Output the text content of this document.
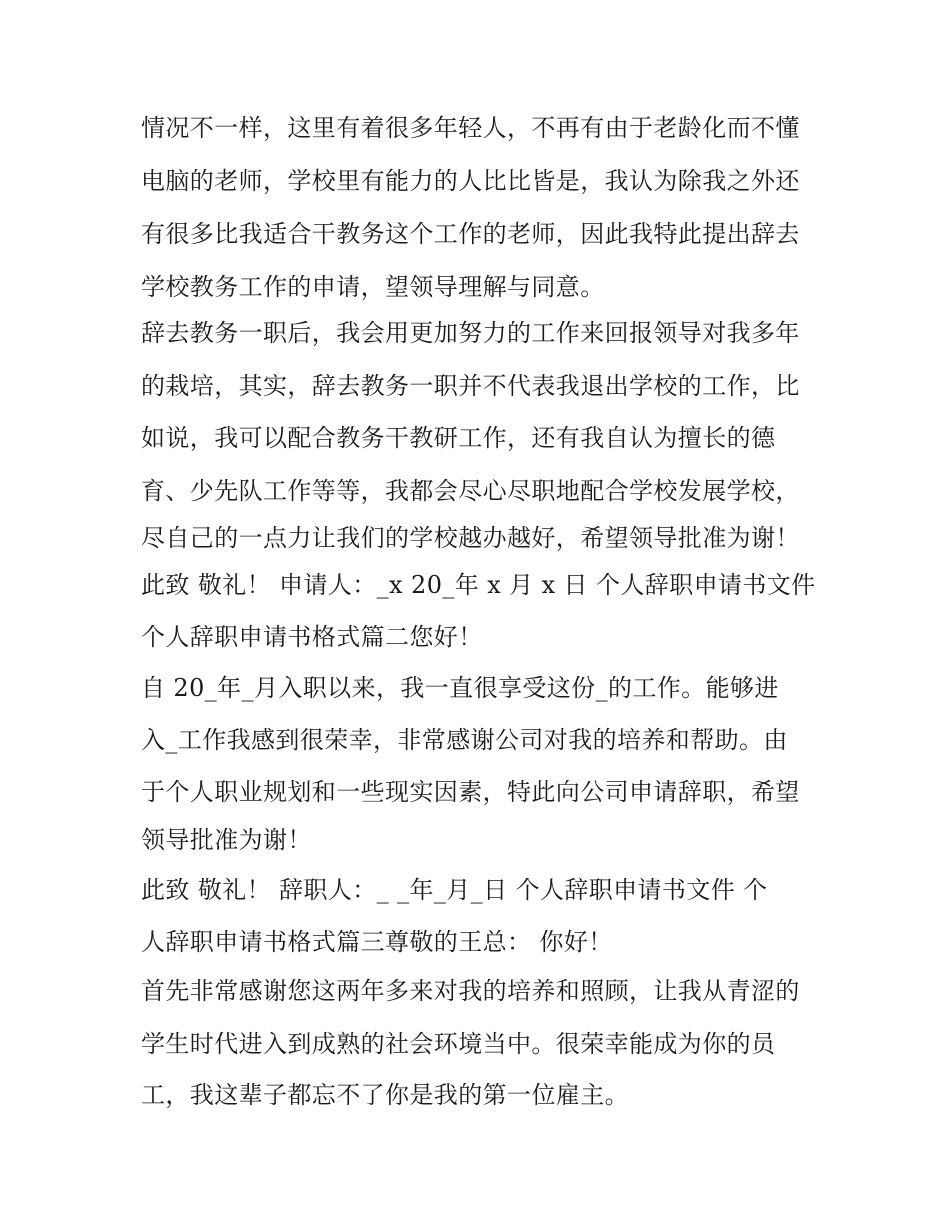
情况不一样，这里有着很多年轻人，不再有由于老龄化而不懂
电脑的老师，学校里有能力的人比比皆是，我认为除我之外还
有很多比我适合干教务这个工作的老师，因此我特此提出辞去
学校教务工作的申请，望领导理解与同意。
辞去教务一职后，我会用更加努力的工作来回报领导对我多年
的栽培，其实，辞去教务一职并不代表我退出学校的工作，比
如说，我可以配合教务干教研工作，还有我自认为擅长的德
育、少先队工作等等，我都会尽心尽职地配合学校发展学校，
尽自己的一点力让我们的学校越办越好，希望领导批准为谢！
此致 敬礼！ 申请人：_x 20_年 x 月 x 日 个人辞职申请书文件
个人辞职申请书格式篇二您好！
自 20_年_月入职以来，我一直很享受这份_的工作。能够进
入_工作我感到很荣幸，非常感谢公司对我的培养和帮助。由
于个人职业规划和一些现实因素，特此向公司申请辞职，希望
领导批准为谢！
此致 敬礼！ 辞职人：_ _年_月_日 个人辞职申请书文件 个
人辞职申请书格式篇三尊敬的王总： 你好！
首先非常感谢您这两年多来对我的培养和照顾，让我从青涩的
学生时代进入到成熟的社会环境当中。很荣幸能成为你的员
工，我这辈子都忘不了你是我的第一位雇主。
